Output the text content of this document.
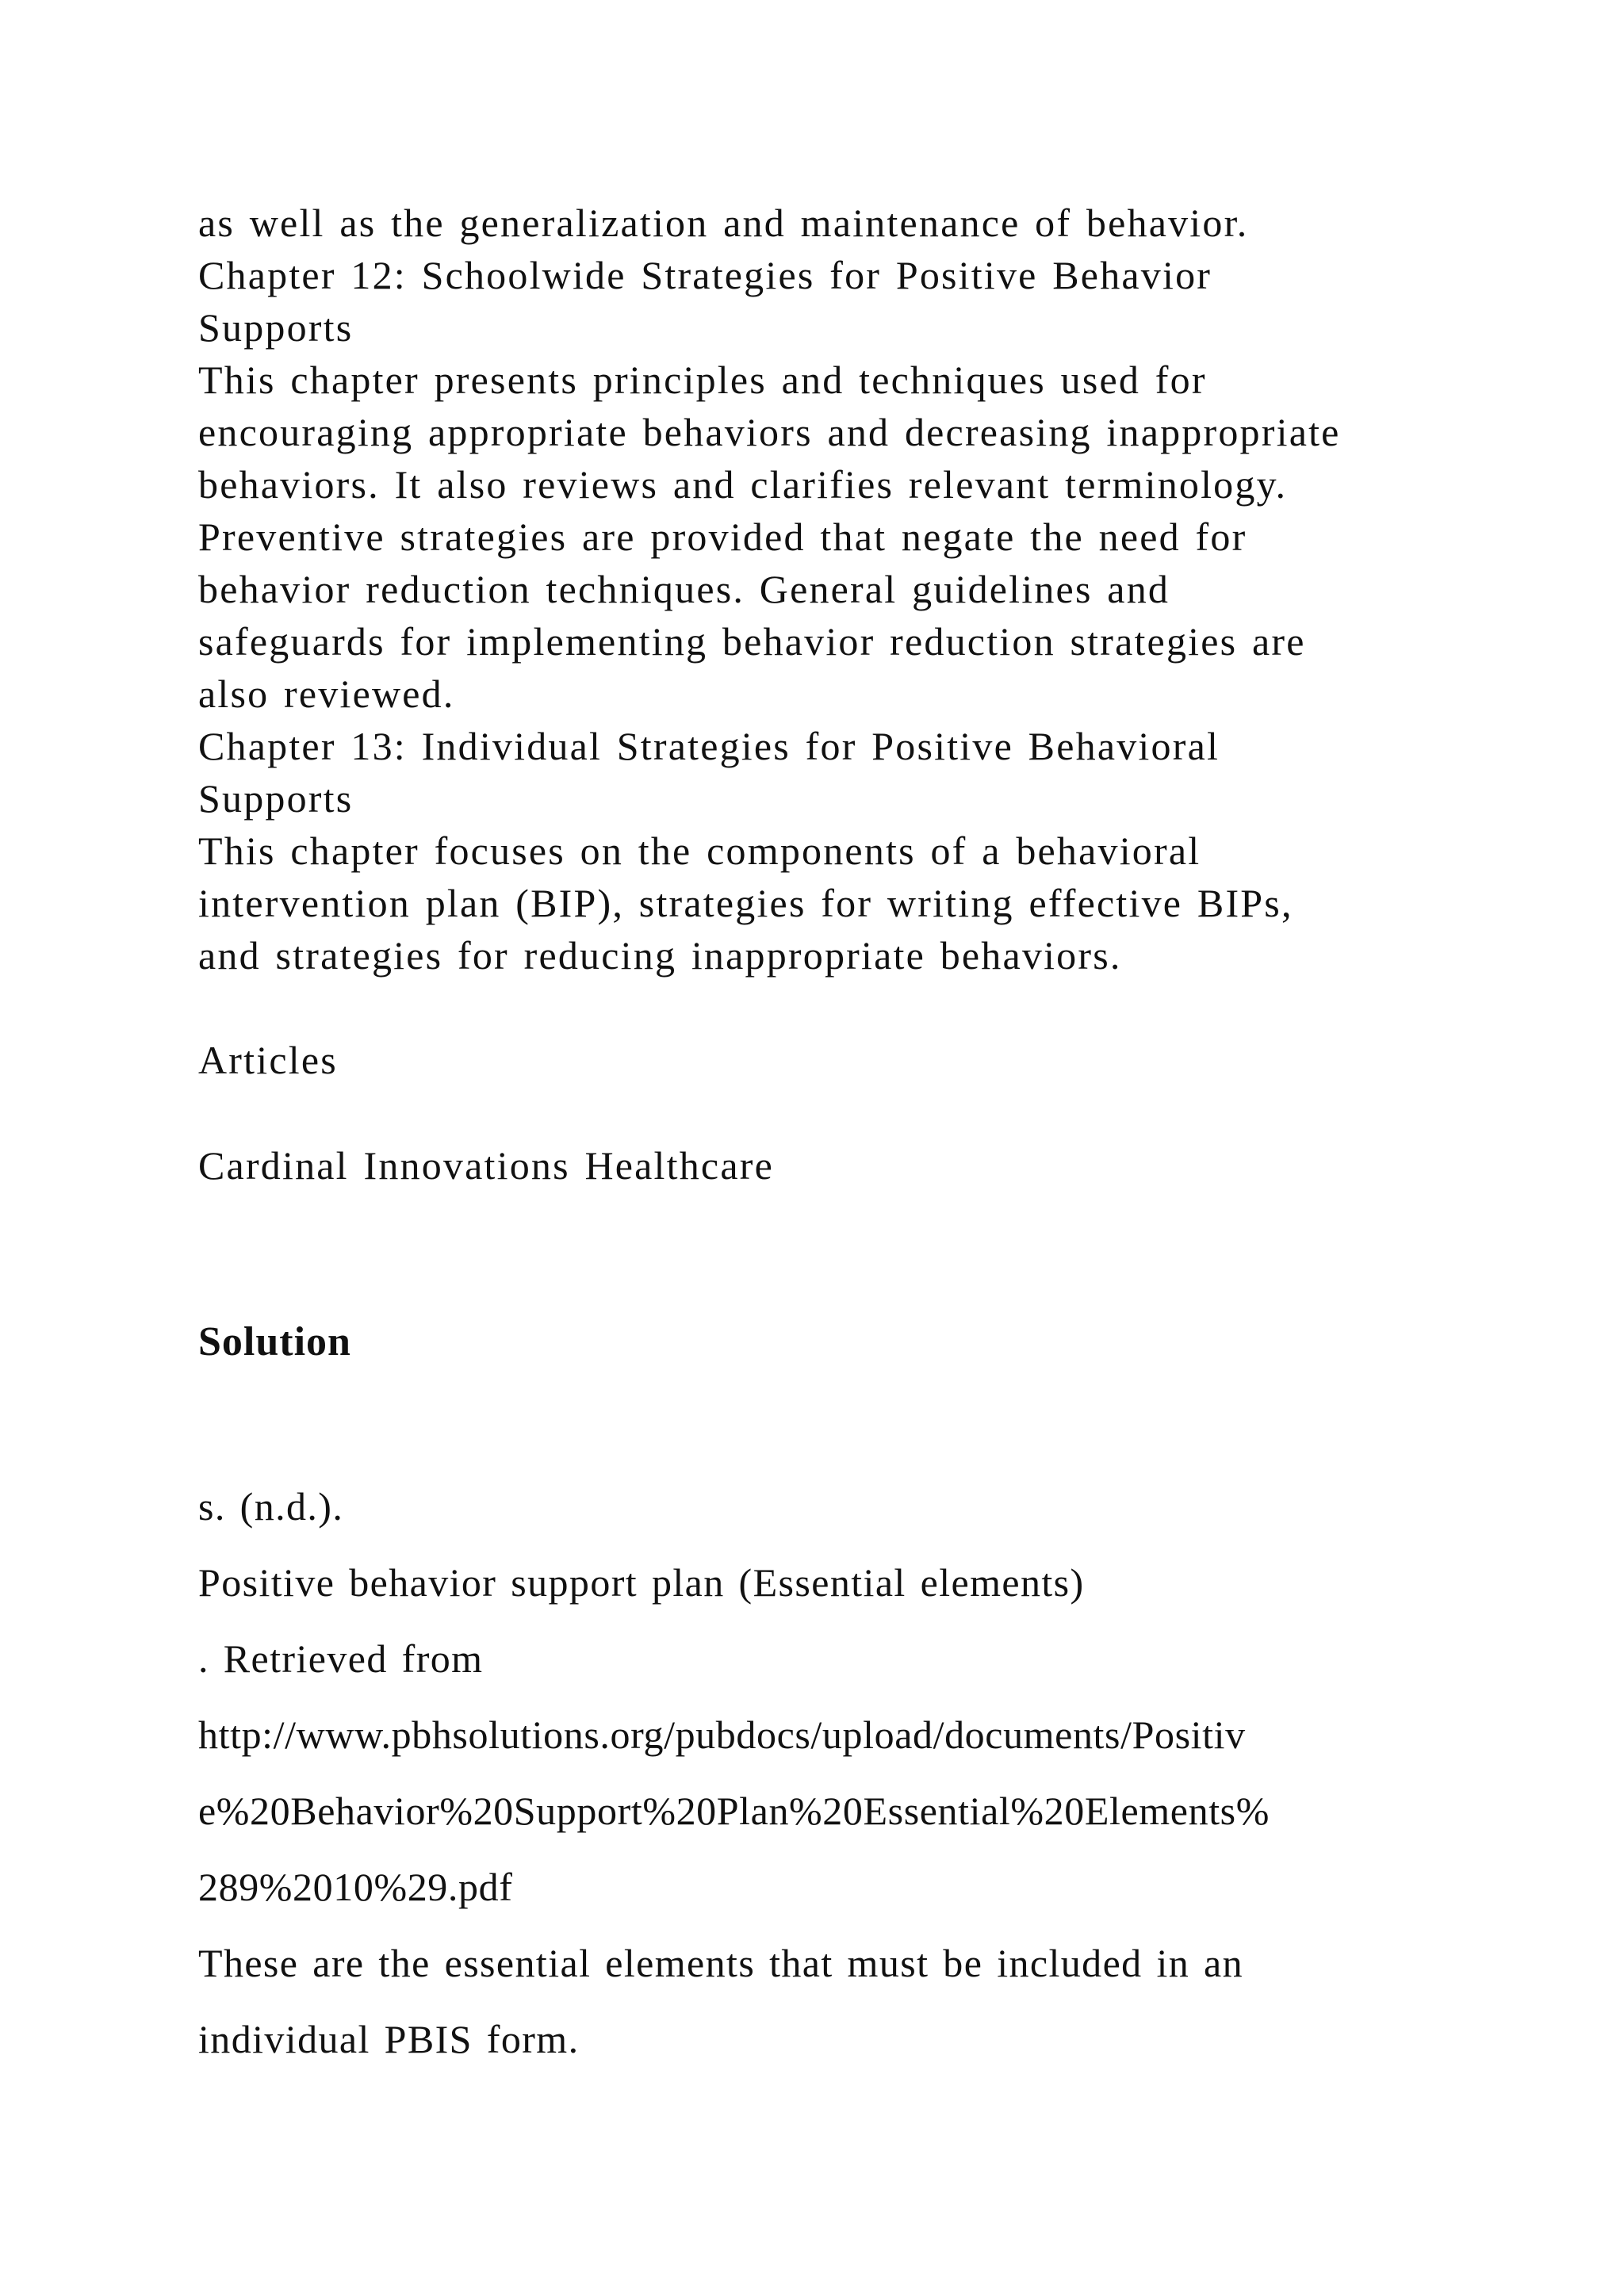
as well as the generalization and maintenance of behavior.
Chapter 12: Schoolwide Strategies for Positive Behavior
Supports
This chapter presents principles and techniques used for
encouraging appropriate behaviors and decreasing inappropriate
behaviors. It also reviews and clarifies relevant terminology.
Preventive strategies are provided that negate the need for
behavior reduction techniques. General guidelines and
safeguards for implementing behavior reduction strategies are
also reviewed.
Chapter 13: Individual Strategies for Positive Behavioral
Supports
This chapter focuses on the components of a behavioral
intervention plan (BIP), strategies for writing effective BIPs,
and strategies for reducing inappropriate behaviors.
Articles
Cardinal Innovations Healthcare
Solution
s. (n.d.).
Positive behavior support plan (Essential elements)
. Retrieved from
http://www.pbhsolutions.org/pubdocs/upload/documents/Positiv
e%20Behavior%20Support%20Plan%20Essential%20Elements%
289%2010%29.pdf
These are the essential elements that must be included in an
individual PBIS form.
